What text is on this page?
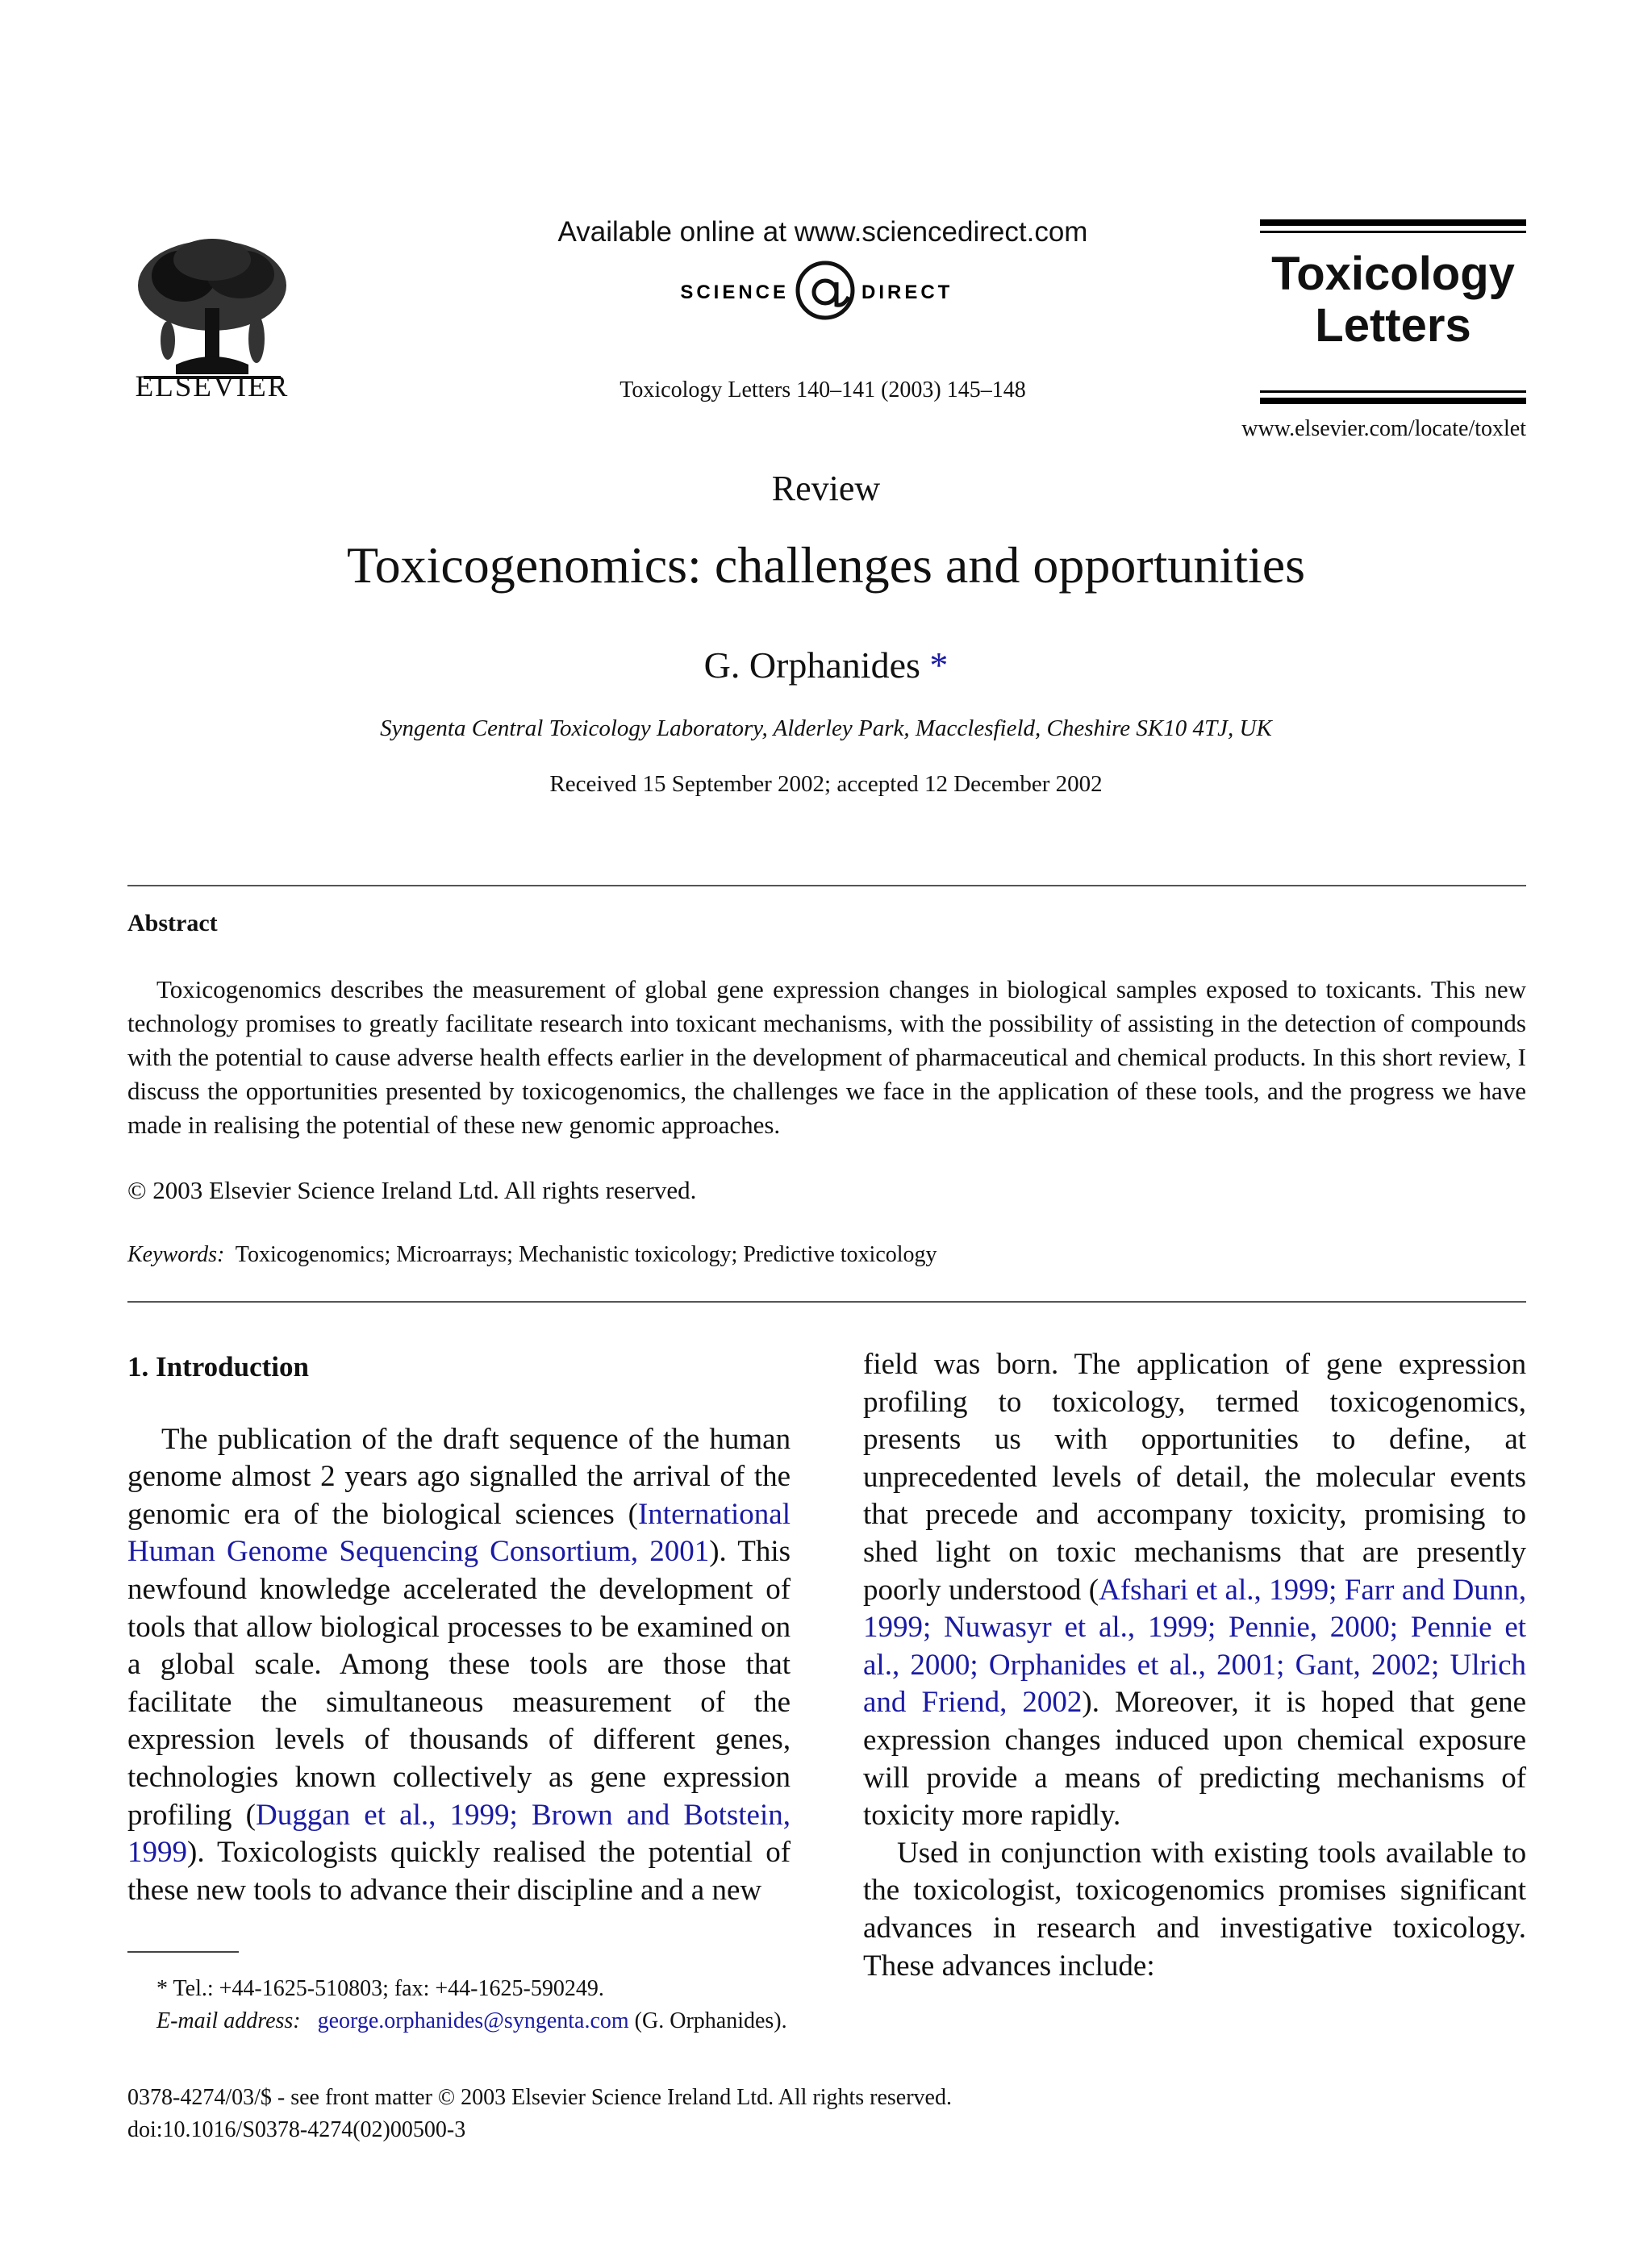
ELSEVIER
Available online at www.sciencedirect.com
SCIENCE	DIRECT
Toxicology Letters 140–141 (2003) 145–148
Toxicology
Letters
www.elsevier.com/locate/toxlet
Review
Toxicogenomics: challenges and opportunities
G. Orphanides *
Syngenta Central Toxicology Laboratory, Alderley Park, Macclesfield, Cheshire SK10 4TJ, UK
Received 15 September 2002; accepted 12 December 2002
Abstract

Toxicogenomics describes the measurement of global gene expression changes in biological samples exposed to toxicants. This new technology promises to greatly facilitate research into toxicant mechanisms, with the possibility of assisting in the detection of compounds with the potential to cause adverse health effects earlier in the development of pharmaceutical and chemical products. In this short review, I discuss the opportunities presented by toxicogenomics, the challenges we face in the application of these tools, and the progress we have made in realising the potential of these new genomic approaches.

© 2003 Elsevier Science Ireland Ltd. All rights reserved.
Keywords: Toxicogenomics; Microarrays; Mechanistic toxicology; Predictive toxicology
1. Introduction

The publication of the draft sequence of the human genome almost 2 years ago signalled the arrival of the genomic era of the biological sciences (International Human Genome Sequencing Consortium, 2001). This newfound knowledge accelerated the development of tools that allow biological processes to be examined on a global scale. Among these tools are those that facilitate the simultaneous measurement of the expression levels of thousands of different genes, technologies known collectively as gene expression profiling (Duggan et al., 1999; Brown and Botstein, 1999). Toxicologists quickly realised the potential of these new tools to advance their discipline and a new

field was born. The application of gene expression profiling to toxicology, termed toxicogenomics, presents us with opportunities to define, at unprecedented levels of detail, the molecular events that precede and accompany toxicity, promising to shed light on toxic mechanisms that are presently poorly understood (Afshari et al., 1999; Farr and Dunn, 1999; Nuwasyr et al., 1999; Pennie, 2000; Pennie et al., 2000; Orphanides et al., 2001; Gant, 2002; Ulrich and Friend, 2002). Moreover, it is hoped that gene expression changes induced upon chemical exposure will provide a means of predicting mechanisms of toxicity more rapidly.

Used in conjunction with existing tools available to the toxicologist, toxicogenomics promises significant advances in research and investigative toxicology. These advances include:

* Tel.: +44-1625-510803; fax: +44-1625-590249.
E-mail address: george.orphanides@syngenta.com (G. Orphanides).
0378-4274/03/$ - see front matter © 2003 Elsevier Science Ireland Ltd. All rights reserved.
doi:10.1016/S0378-4274(02)00500-3
